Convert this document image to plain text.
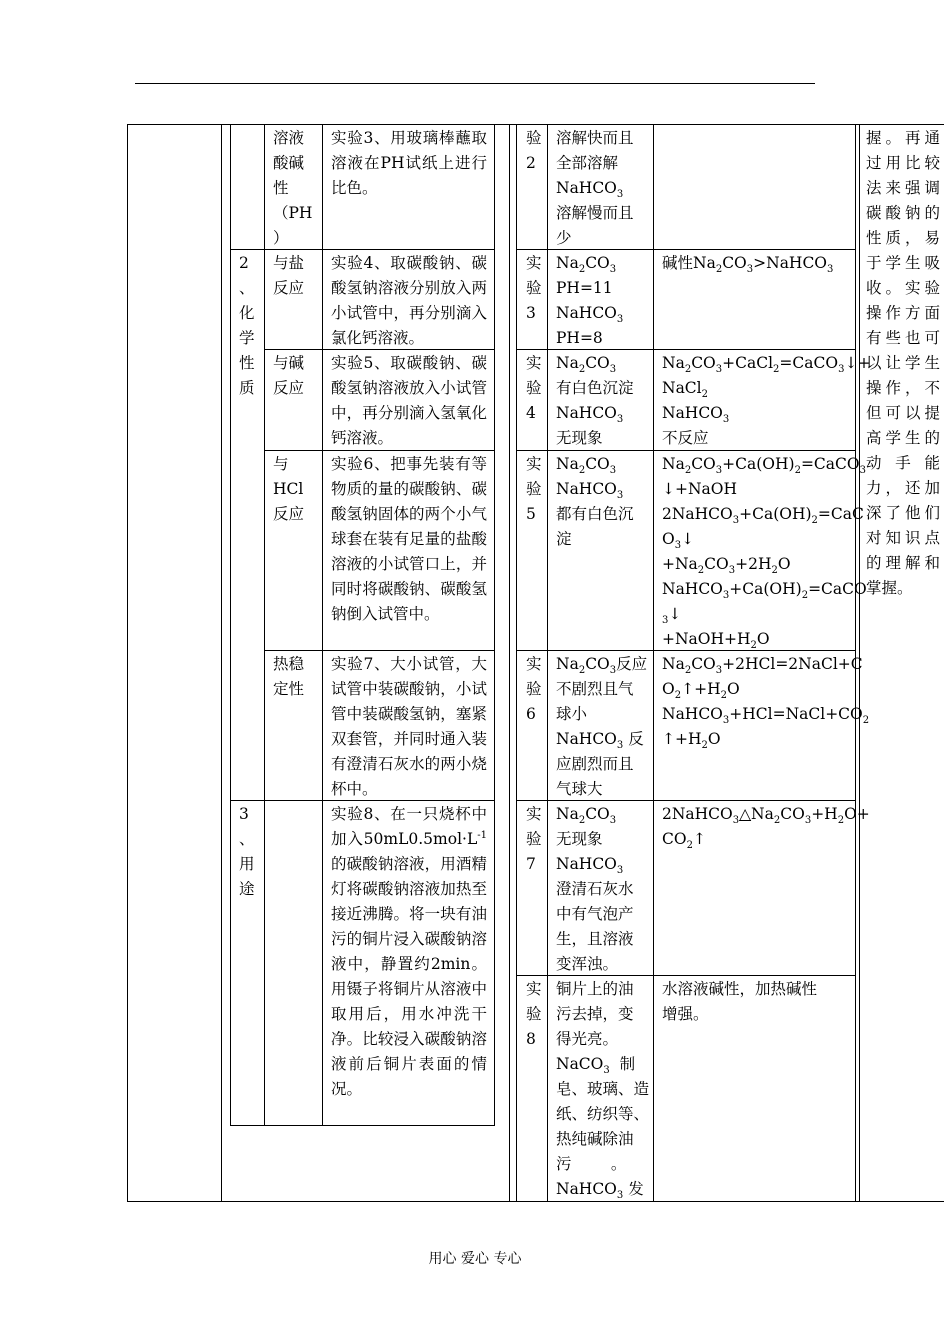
溶液
酸碱
性
（PH
）
实验3、用玻璃棒蘸取溶液在PH试纸上进行比色。
2
、
化
学
性
质
与盐
反应
实验4、取碳酸钠、碳酸氢钠溶液分别放入两小试管中，再分别滴入氯化钙溶液。
与碱
反应
实验5、取碳酸钠、碳酸氢钠溶液放入小试管中，再分别滴入氢氧化钙溶液。
与
HCl
反应
实验6、把事先装有等物质的量的碳酸钠、碳酸氢钠固体的两个小气球套在装有足量的盐酸溶液的小试管口上，并同时将碳酸钠、碳酸氢钠倒入试管中。
热稳
定性
实验7、大小试管，大试管中装碳酸钠，小试管中装碳酸氢钠，塞紧双套管，并同时通入装有澄清石灰水的两小烧杯中。
3
、
用
途
实验8、在一只烧杯中加入$50mL0.5mol\cdot L^{-1}$的碳酸钠溶液，用酒精灯将碳酸钠溶液加热至接近沸腾。将一块有油污的铜片浸入碳酸钠溶液中，静置约2min。用镊子将铜片从溶液中取用后，用水冲洗干净。比较浸入碳酸钠溶液前后铜片表面的情况。
验
2
溶解快而且
全部溶解
NaHCO$_3$
溶解慢而且
少
实
验
3
$Na_2CO_3$
PH=11
NaHCO$_3$
PH=8
碱性$Na_2CO_3>NaHCO_3$
实
验
4
$Na_2CO_3$
有白色沉淀
NaHCO$_3$
无现象
$Na_2CO_3+CaCl_2=CaCO_3↓+$
NaCl$_2$
NaHCO$_3$
不反应
实
验
5
$Na_2CO_3$
NaHCO$_3$
都有白色沉
淀
$Na_2CO_3+Ca(OH)_2=CaCO_3$
↓+NaOH
$2NaHCO_3+Ca(OH)_2=CaC$
$O_3↓$
$+Na_2CO_3+2H_2O$
$NaHCO_3+Ca(OH)_2=CaCO$
$_3$↓
$+NaOH+H_2O$
实
验
6
$Na_2CO_3$反应
不剧烈且气
球小
NaHCO$_3$ 反
应剧烈而且
气球大
$Na_2CO_3+2HCl=2NaCl+C$
$O_2↑+H_2O$
$NaHCO_3+HCl=NaCl+CO_2$
$↑+H_2O$
实
验
7
$Na_2CO_3$
无现象
NaHCO$_3$
澄清石灰水
中有气泡产
生，且溶液
变浑浊。
$2NaHCO_3\triangle Na_2CO_3+H_2O+$
$CO_2↑$
实
验
8
铜片上的油
污去掉，变
得光亮。
NaCO$_3$  制
皂、玻璃、造
纸、纺织等、
热纯碱除油
污        。
NaHCO$_3$ 发
水溶液碱性，加热碱性
增强。
握。再通过用比较法来强调碳酸钠的性质，易于学生吸收。实验操作方面有些也可以让学生操作，不但可以提高学生的动手能力，还加深了他们对知识点的理解和掌握。
用心 爱心 专心
